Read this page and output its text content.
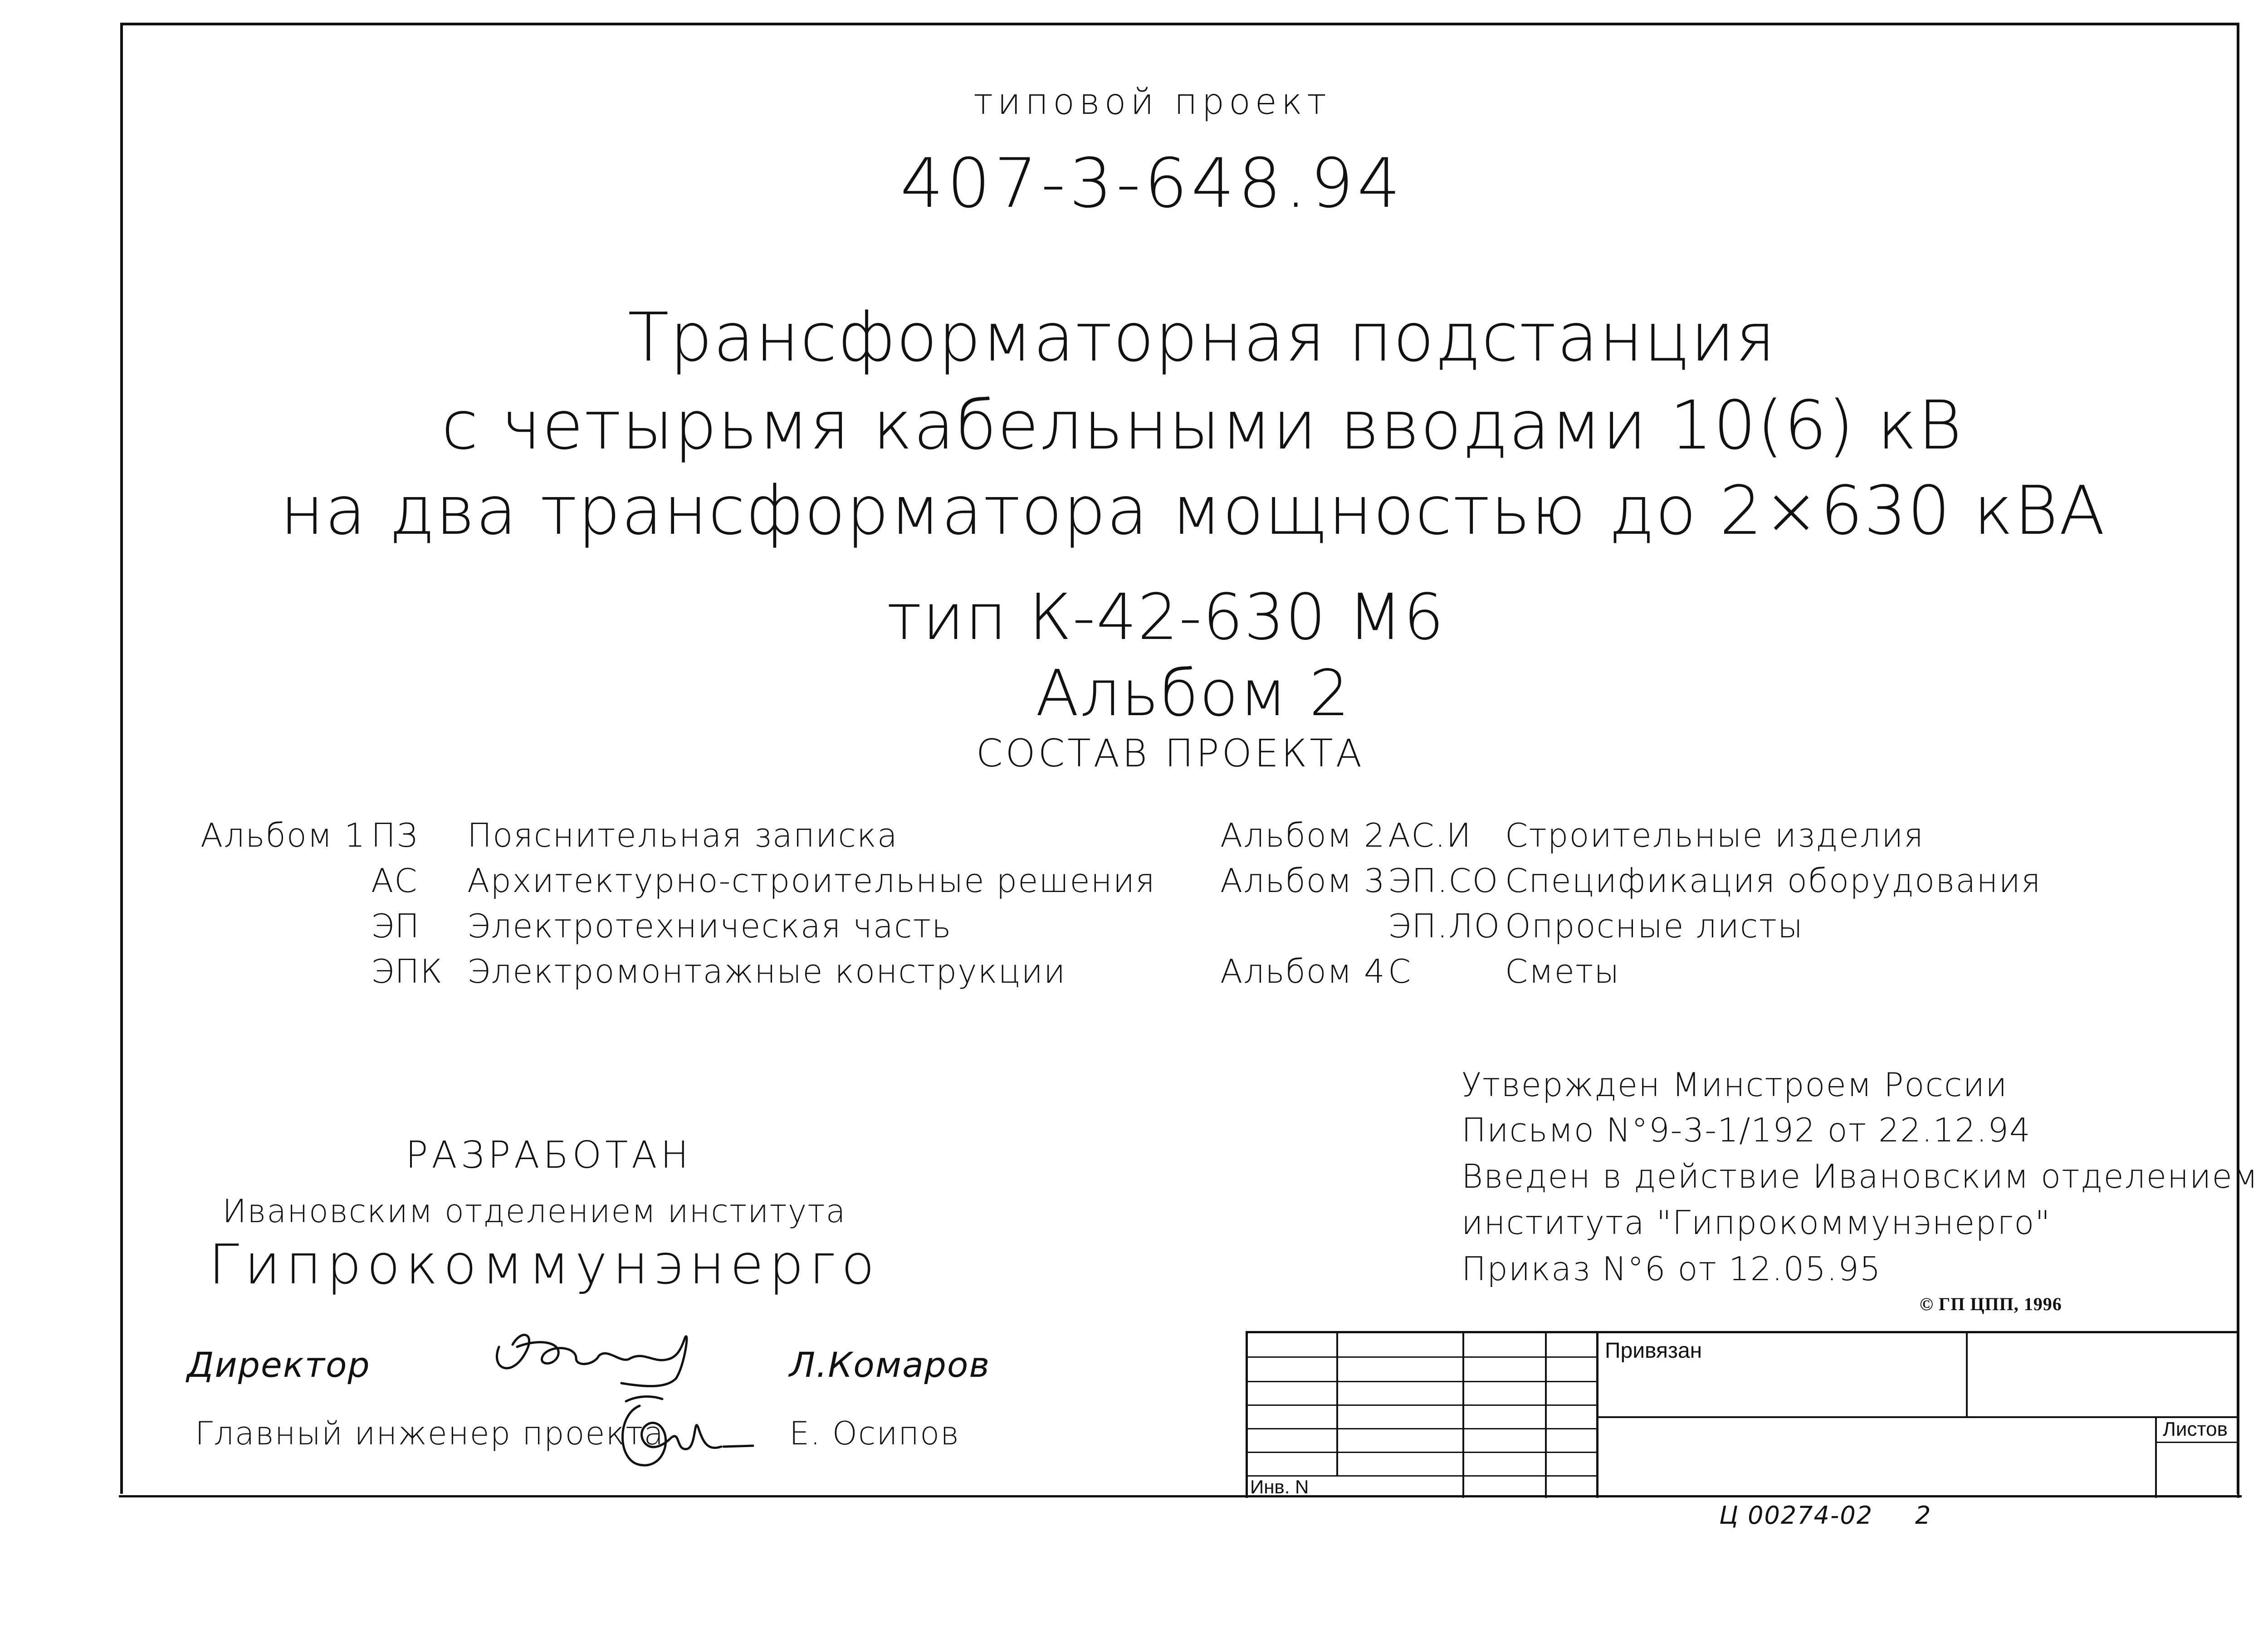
типовой проект
407-3-648.94
Трансформаторная подстанция
с четырьмя кабельными вводами 10(6) кВ
на два трансформатора мощностью до 2×630 кВА
тип К-42-630 М6
Альбом 2
СОСТАВ ПРОЕКТА
Альбом 1 ПЗ Пояснительная записка
АС Архитектурно-строительные решения
ЭП Электротехническая часть
ЭПК Электромонтажные конструкции
Альбом 2 АС.И Строительные изделия
Альбом 3 ЭП.СО Спецификация оборудования
ЭП.ЛО Опросные листы
Альбом 4 С	Сметы
Утвержден Минстроем России
Письмо N°9-3-1/192 от 22.12.94
Введен в действие Ивановским отделением
института "Гипрокоммунэнерго"
Приказ N°6 от 12.05.95
РАЗРАБОТАН
Ивановским отделением института
Гипрокоммунэнерго
© ГП ЦПП, 1996
Директор	Л.Комаров
Главный инженер проекта	Е. Осипов
Привязан
Листов
Инв. N
Ц 00274-02 2
